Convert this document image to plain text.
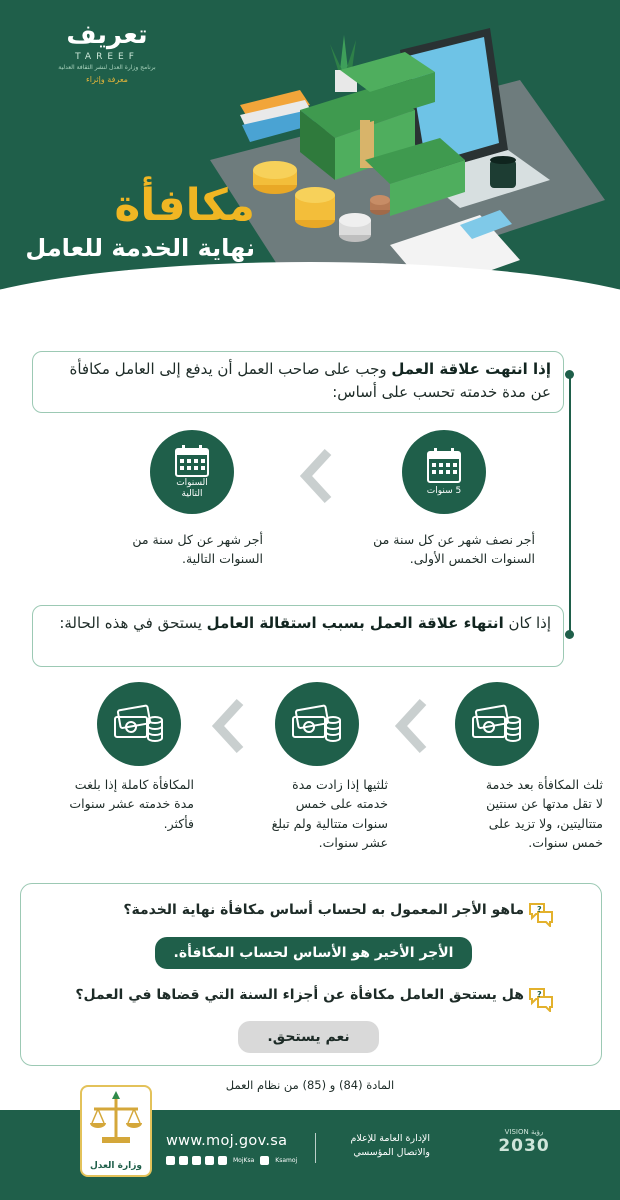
تعريف
TAREEF
برنامج وزارة العدل لنشر الثقافة العدلية
معرفة وإثراء
مكافأة
نهاية الخدمة للعامل
إذا انتهت علاقة العمل وجب على صاحب العمل أن يدفع إلى العامل مكافأة عن مدة خدمته تحسب على أساس:
5 سنوات
السنوات التالية
أجر نصف شهر عن كل سنة من السنوات الخمس الأولى.
أجر شهر عن كل سنة من السنوات التالية.
إذا كان انتهاء علاقة العمل بسبب استقالة العامل يستحق في هذه الحالة:
ثلث المكافأة بعد خدمة لا تقل مدتها عن سنتين متتاليتين، ولا تزيد على خمس سنوات.
ثلثيها إذا زادت مدة خدمته على خمس سنوات متتالية ولم تبلغ عشر سنوات.
المكافأة كاملة إذا بلغت مدة خدمته عشر سنوات فأكثر.
?
ماهو الأجر المعمول به لحساب أساس مكافأة نهاية الخدمة؟
الأجر الأخير هو الأساس لحساب المكافأة.
?
هل يستحق العامل مكافأة عن أجزاء السنة التي قضاها في العمل؟
نعم يستحق.
المادة (84) و (85) من نظام العمل
وزارة العدل
www.moj.gov.sa
MojKsa	Ksamoj
الإدارة العامة للإعلام والاتصال المؤسسي
VISION رؤية
2030
